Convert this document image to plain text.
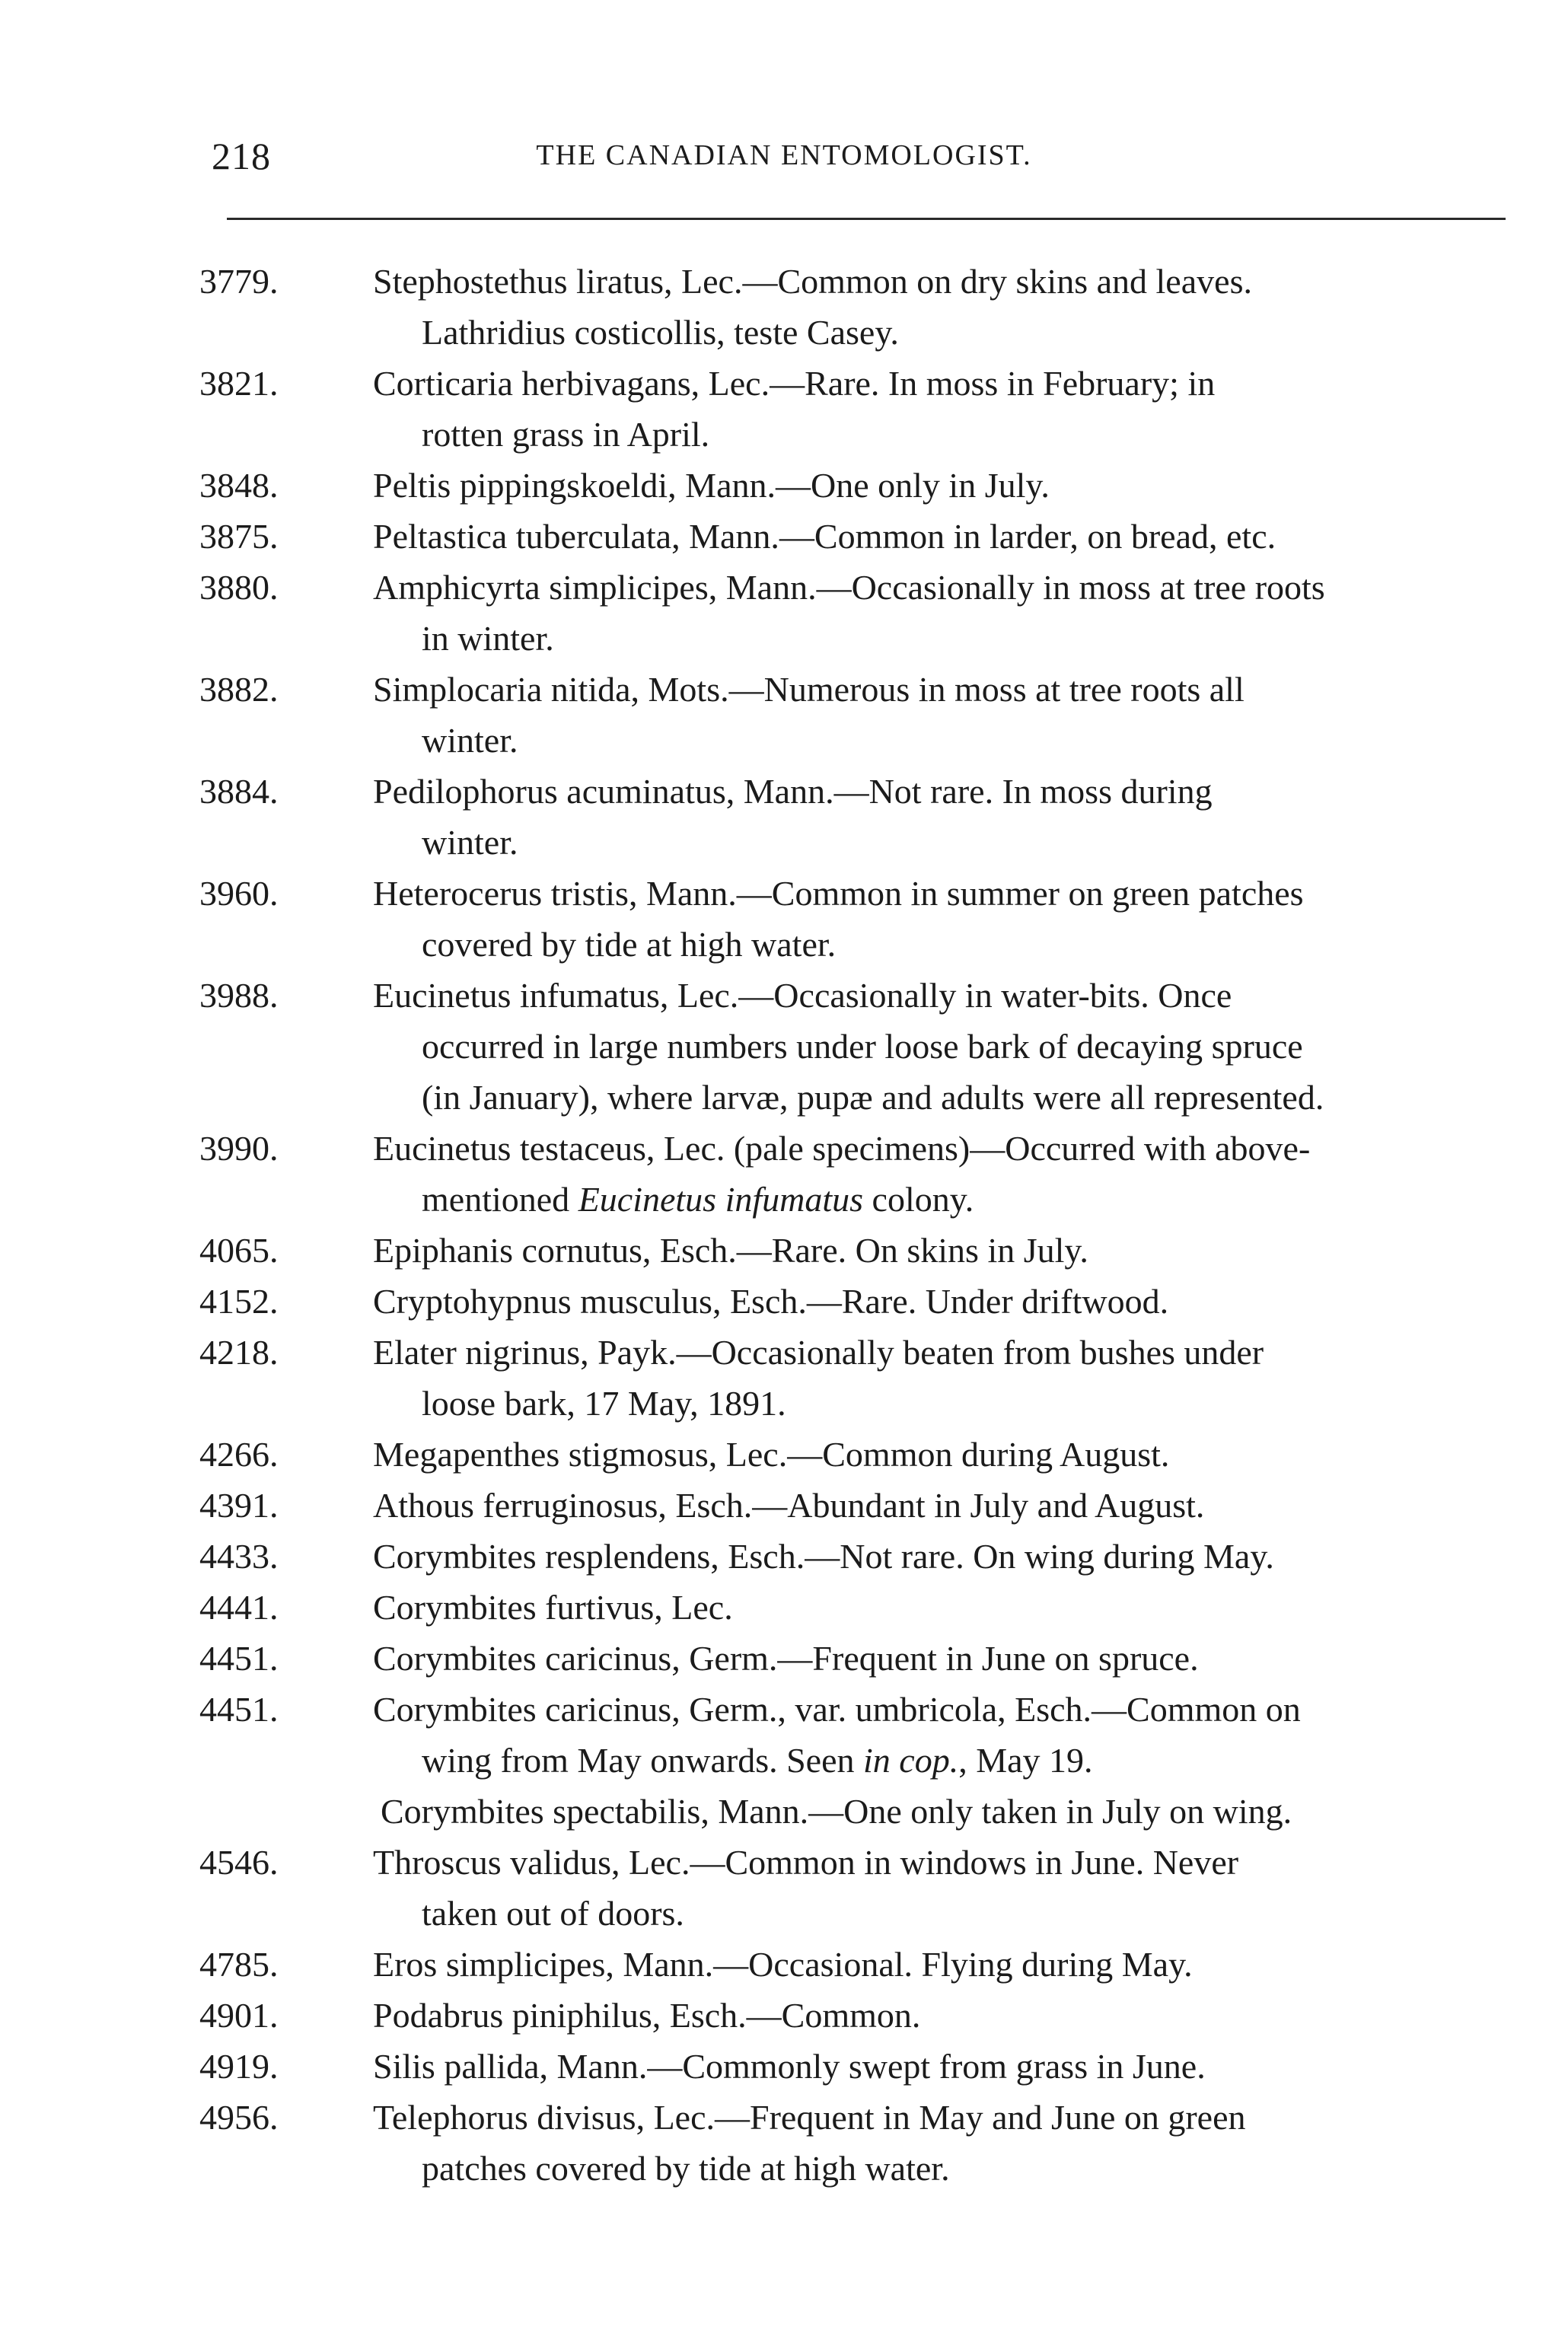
218	THE CANADIAN ENTOMOLOGIST.
3779.	Stephostethus liratus, Lec.—Common on dry skins and leaves.
Lathridius costicollis, teste Casey.
3821.	Corticaria herbivagans, Lec.—Rare. In moss in February; in
rotten grass in April.
3848.	Peltis pippingskoeldi, Mann.—One only in July.
3875.	Peltastica tuberculata, Mann.—Common in larder, on bread, etc.
3880.	Amphicyrta simplicipes, Mann.—Occasionally in moss at tree roots
in winter.
3882.	Simplocaria nitida, Mots.—Numerous in moss at tree roots all
winter.
3884.	Pedilophorus acuminatus, Mann.—Not rare. In moss during
winter.
3960.	Heterocerus tristis, Mann.—Common in summer on green patches
covered by tide at high water.
3988.	Eucinetus infumatus, Lec.—Occasionally in water-bits. Once
occurred in large numbers under loose bark of decaying spruce
(in January), where larvæ, pupæ and adults were all represented.
3990.	Eucinetus testaceus, Lec. (pale specimens)—Occurred with above-
mentioned Eucinetus infumatus colony.
4065.	Epiphanis cornutus, Esch.—Rare. On skins in July.
4152.	Cryptohypnus musculus, Esch.—Rare. Under driftwood.
4218.	Elater nigrinus, Payk.—Occasionally beaten from bushes under
loose bark, 17 May, 1891.
4266.	Megapenthes stigmosus, Lec.—Common during August.
4391.	Athous ferruginosus, Esch.—Abundant in July and August.
4433.	Corymbites resplendens, Esch.—Not rare. On wing during May.
4441.	Corymbites furtivus, Lec.
4451.	Corymbites caricinus, Germ.—Frequent in June on spruce.
4451.	Corymbites caricinus, Germ., var. umbricola, Esch.—Common on
wing from May onwards. Seen in cop., May 19.
Corymbites spectabilis, Mann.—One only taken in July on wing.
4546.	Throscus validus, Lec.—Common in windows in June. Never
taken out of doors.
4785.	Eros simplicipes, Mann.—Occasional. Flying during May.
4901.	Podabrus piniphilus, Esch.—Common.
4919.	Silis pallida, Mann.—Commonly swept from grass in June.
4956.	Telephorus divisus, Lec.—Frequent in May and June on green
patches covered by tide at high water.
